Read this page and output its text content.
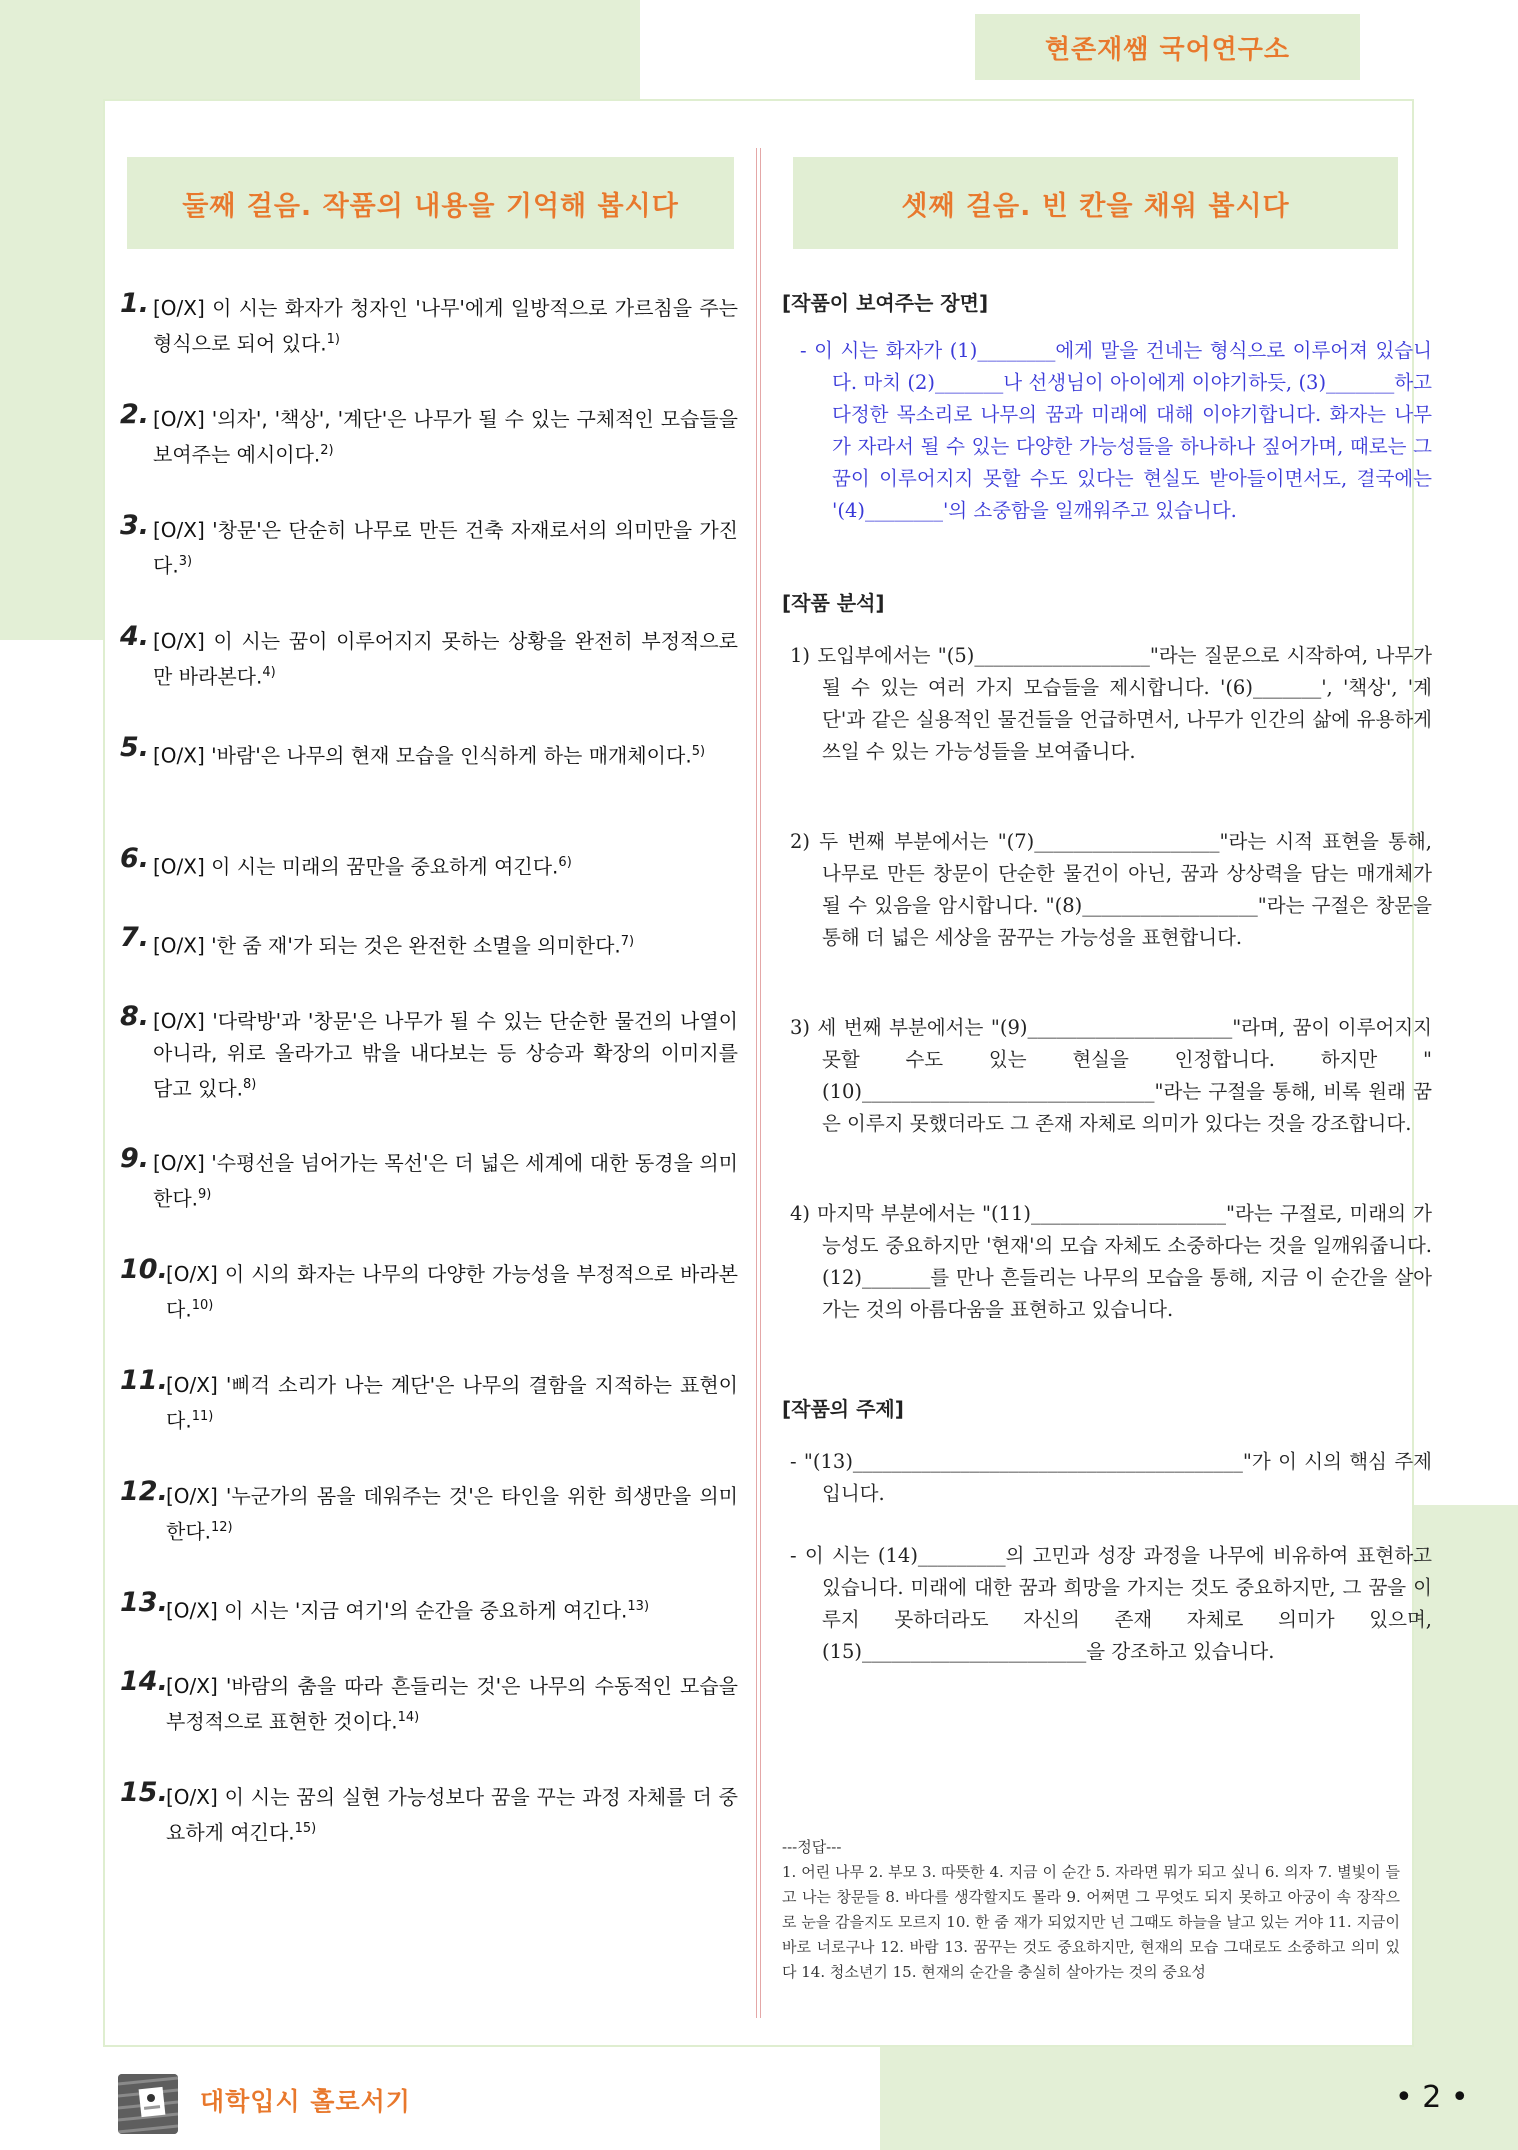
현존재쌤 국어연구소
둘째 걸음. 작품의 내용을 기억해 봅시다	셋째 걸음. 빈 칸을 채워 봅시다
1. [O/X] 이 시는 화자가 청자인 '나무'에게 일방적으로 가르침을 주는 형식으로 되어 있다.$^{1)}$
2. [O/X] '의자', '책상', '계단'은 나무가 될 수 있는 구체적인 모습들을 보여주는 예시이다.$^{2)}$
3. [O/X] '창문'은 단순히 나무로 만든 건축 자재로서의 의미만을 가진다.$^{3)}$
4. [O/X] 이 시는 꿈이 이루어지지 못하는 상황을 완전히 부정적으로만 바라본다.$^{4)}$
5. [O/X] '바람'은 나무의 현재 모습을 인식하게 하는 매개체이다.$^{5)}$
6. [O/X] 이 시는 미래의 꿈만을 중요하게 여긴다.$^{6)}$
7. [O/X] '한 줌 재'가 되는 것은 완전한 소멸을 의미한다.$^{7)}$
8. [O/X] '다락방'과 '창문'은 나무가 될 수 있는 단순한 물건의 나열이 아니라, 위로 올라가고 밖을 내다보는 등 상승과 확장의 이미지를 담고 있다.$^{8)}$
9. [O/X] '수평선을 넘어가는 목선'은 더 넓은 세계에 대한 동경을 의미한다.$^{9)}$
10.
[O/X] 이 시의 화자는 나무의 다양한 가능성을 부정적으로 바라본다.$^{10)}$
11.
[O/X] '삐걱 소리가 나는 계단'은 나무의 결함을 지적하는 표현이다.$^{11)}$
12.
[O/X] '누군가의 몸을 데워주는 것'은 타인을 위한 희생만을 의미한다.$^{12)}$
13.
[O/X] 이 시는 '지금 여기'의 순간을 중요하게 여긴다.$^{13)}$
14.
[O/X] '바람의 춤을 따라 흔들리는 것'은 나무의 수동적인 모습을 부정적으로 표현한 것이다.$^{14)}$
15.
[O/X] 이 시는 꿈의 실현 가능성보다 꿈을 꾸는 과정 자체를 더 중요하게 여긴다.$^{15)}$
[작품이 보여주는 장면]
- 이 시는 화자가 (1)________에게 말을 건네는 형식으로 이루어져 있습니다. 마치 (2)_______나 선생님이 아이에게 이야기하듯, (3)_______하고 다정한 목소리로 나무의 꿈과 미래에 대해 이야기합니다. 화자는 나무가 자라서 될 수 있는 다양한 가능성들을 하나하나 짚어가며, 때로는 그 꿈이 이루어지지 못할 수도 있다는 현실도 받아들이면서도, 결국에는 '(4)________'의 소중함을 일깨워주고 있습니다.
[작품 분석]
1) 도입부에서는 "(5)__________________"라는 질문으로 시작하여, 나무가 될 수 있는 여러 가지 모습들을 제시합니다. '(6)_______', '책상', '계단'과 같은 실용적인 물건들을 언급하면서, 나무가 인간의 삶에 유용하게 쓰일 수 있는 가능성들을 보여줍니다.
2) 두 번째 부분에서는 "(7)___________________"라는 시적 표현을 통해, 나무로 만든 창문이 단순한 물건이 아닌, 꿈과 상상력을 담는 매개체가 될 수 있음을 암시합니다. "(8)__________________"라는 구절은 창문을 통해 더 넓은 세상을 꿈꾸는 가능성을 표현합니다.
3) 세 번째 부분에서는 "(9)_____________________"라며, 꿈이 이루어지지 못할 수도 있는 현실을 인정합니다. 하지만 "(10)______________________________"라는 구절을 통해, 비록 원래 꿈은 이루지 못했더라도 그 존재 자체로 의미가 있다는 것을 강조합니다.
4) 마지막 부분에서는 "(11)____________________"라는 구절로, 미래의 가능성도 중요하지만 '현재'의 모습 자체도 소중하다는 것을 일깨워줍니다. (12)_______를 만나 흔들리는 나무의 모습을 통해, 지금 이 순간을 살아가는 것의 아름다움을 표현하고 있습니다.
[작품의 주제]
- "(13)________________________________________"가 이 시의 핵심 주제입니다.
- 이 시는 (14)_________의 고민과 성장 과정을 나무에 비유하여 표현하고 있습니다. 미래에 대한 꿈과 희망을 가지는 것도 중요하지만, 그 꿈을 이루지 못하더라도 자신의 존재 자체로 의미가 있으며, (15)_______________________을 강조하고 있습니다.
---정답---
1. 어린 나무 2. 부모 3. 따뜻한 4. 지금 이 순간 5. 자라면 뭐가 되고 싶니 6. 의자 7. 별빛이 들고 나는 창문들 8. 바다를 생각할지도 몰라 9. 어쩌면 그 무엇도 되지 못하고 아궁이 속 장작으로 눈을 감을지도 모르지 10. 한 줌 재가 되었지만 넌 그때도 하늘을 날고 있는 거야 11. 지금이 바로 너로구나 12. 바람 13. 꿈꾸는 것도 중요하지만, 현재의 모습 그대로도 소중하고 의미 있다 14. 청소년기 15. 현재의 순간을 충실히 살아가는 것의 중요성
대학입시 홀로서기	• 2 •
